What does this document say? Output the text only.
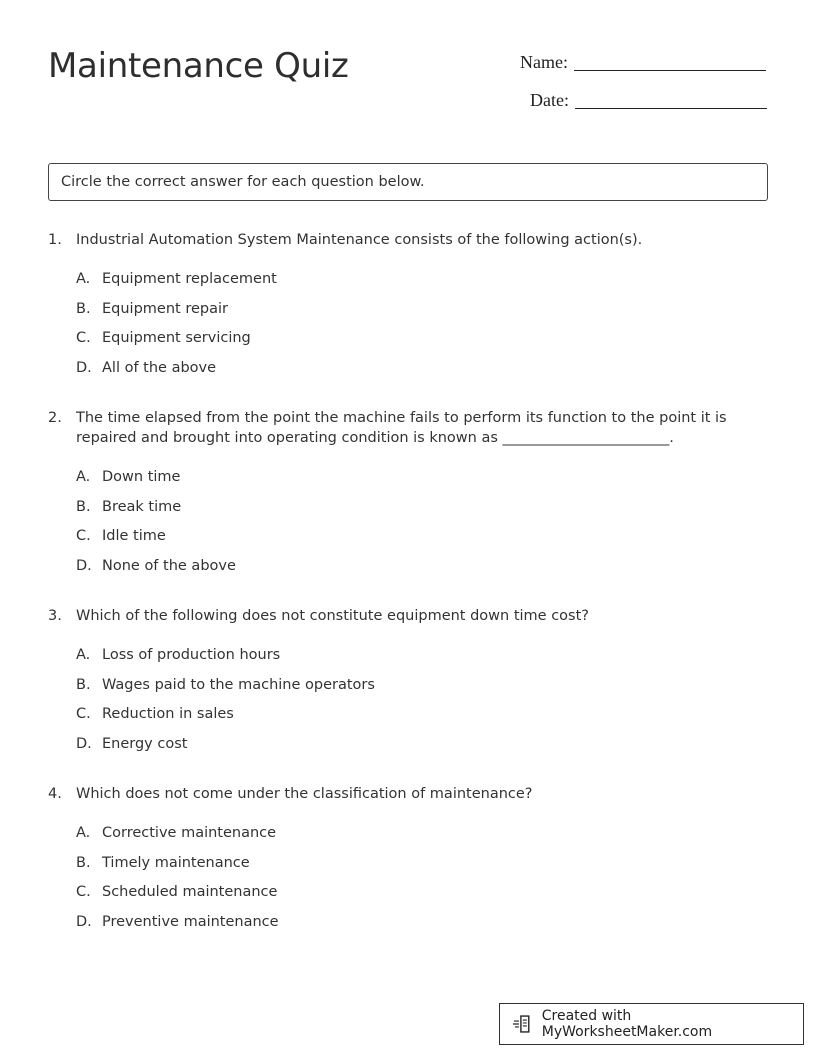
Maintenance Quiz	Name:
Date:
Circle the correct answer for each question below.
1. Industrial Automation System Maintenance consists of the following action(s).
A. Equipment replacement
B. Equipment repair
C. Equipment servicing
D. All of the above
2. The time elapsed from the point the machine fails to perform its function to the point it is repaired and brought into operating condition is known as _______________________.
A. Down time
B. Break time
C. Idle time
D. None of the above
3. Which of the following does not constitute equipment down time cost?
A. Loss of production hours
B. Wages paid to the machine operators
C. Reduction in sales
D. Energy cost
4. Which does not come under the classification of maintenance?
A. Corrective maintenance
B. Timely maintenance
C. Scheduled maintenance
D. Preventive maintenance
Created with MyWorksheetMaker.com
